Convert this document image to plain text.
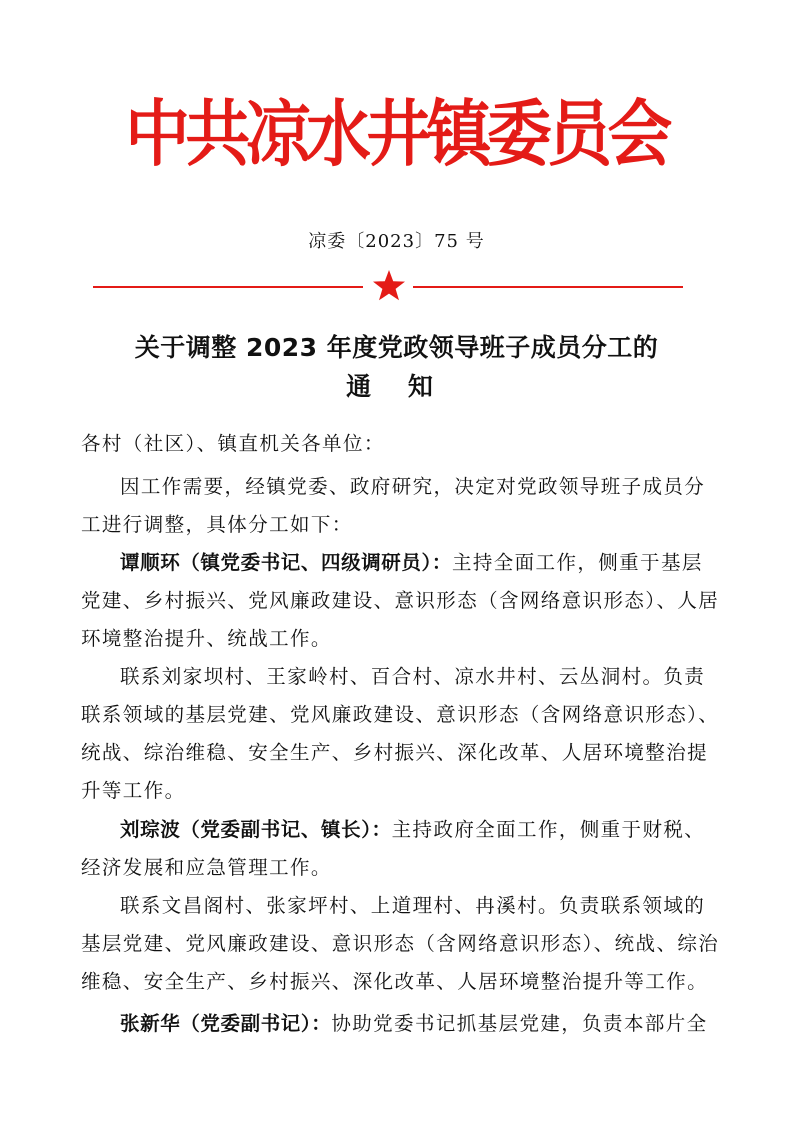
中共凉水井镇委员会
凉委〔2023〕75 号
关于调整 2023 年度党政领导班子成员分工的
通 知
各村（社区）、镇直机关各单位：
因工作需要，经镇党委、政府研究，决定对党政领导班子成员分
工进行调整，具体分工如下：
谭顺环（镇党委书记、四级调研员）：主持全面工作，侧重于基层
党建、乡村振兴、党风廉政建设、意识形态（含网络意识形态）、人居
环境整治提升、统战工作。
联系刘家坝村、王家岭村、百合村、凉水井村、云丛洞村。负责
联系领域的基层党建、党风廉政建设、意识形态（含网络意识形态）、
统战、综治维稳、安全生产、乡村振兴、深化改革、人居环境整治提
升等工作。
刘琮波（党委副书记、镇长）：主持政府全面工作，侧重于财税、
经济发展和应急管理工作。
联系文昌阁村、张家坪村、上道理村、冉溪村。负责联系领域的
基层党建、党风廉政建设、意识形态（含网络意识形态）、统战、综治
维稳、安全生产、乡村振兴、深化改革、人居环境整治提升等工作。
张新华（党委副书记）：协助党委书记抓基层党建，负责本部片全
